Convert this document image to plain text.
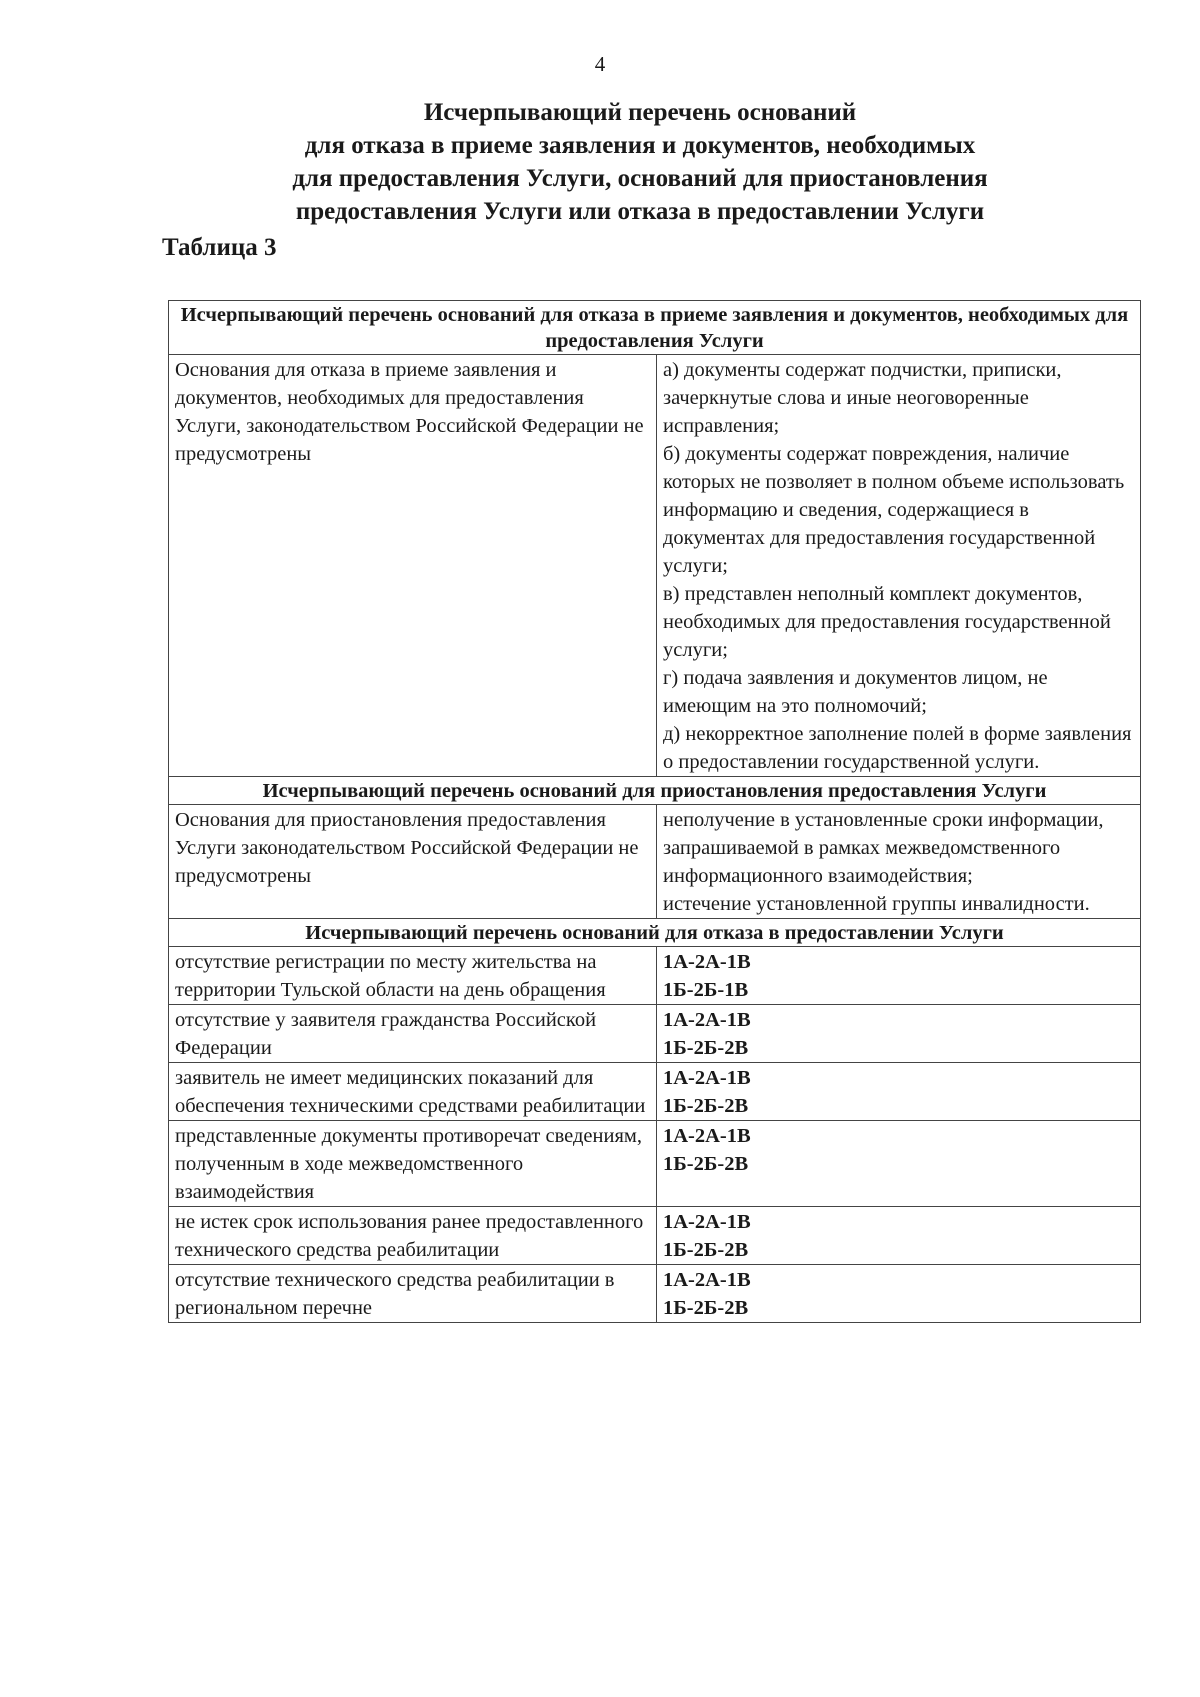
4
Исчерпывающий перечень оснований
для отказа в приеме заявления и документов, необходимых
для предоставления Услуги, оснований для приостановления
предоставления Услуги или отказа в предоставлении Услуги
Таблица 3
Исчерпывающий перечень оснований для отказа в приеме заявления и документов, необходимых для предоставления Услуги	
Основания для отказа в приеме заявления и документов, необходимых для предоставления Услуги, законодательством Российской Федерации не предусмотрены	а) документы содержат подчистки, приписки, зачеркнутые слова и иные неоговоренные исправления;
б) документы содержат повреждения, наличие которых не позволяет в полном объеме использовать информацию и сведения, содержащиеся в документах для предоставления государственной услуги;
в) представлен неполный комплект документов, необходимых для предоставления государственной услуги;
г) подача заявления и документов лицом, не имеющим на это полномочий;
д) некорректное заполнение полей в форме заявления о предоставлении государственной услуги.

Исчерпывающий перечень оснований для приостановления предоставления Услуги	
Основания для приостановления предоставления Услуги законодательством Российской Федерации не предусмотрены	неполучение в установленные сроки информации, запрашиваемой в рамках межведомственного информационного взаимодействия;
истечение установленной группы инвалидности.

Исчерпывающий перечень оснований для отказа в предоставлении Услуги	
отсутствие регистрации по месту жительства на территории Тульской области на день обращения	1А-2А-1В
1Б-2Б-1В

отсутствие у заявителя гражданства Российской Федерации	1А-2А-1В
1Б-2Б-2В

заявитель не имеет медицинских показаний для обеспечения техническими средствами реабилитации	1А-2А-1В
1Б-2Б-2В

представленные документы противоречат сведениям, полученным в ходе межведомственного взаимодействия	1А-2А-1В
1Б-2Б-2В

не истек срок использования ранее предоставленного технического средства реабилитации	1А-2А-1В
1Б-2Б-2В

отсутствие технического средства реабилитации в региональном перечне	1А-2А-1В
1Б-2Б-2В
